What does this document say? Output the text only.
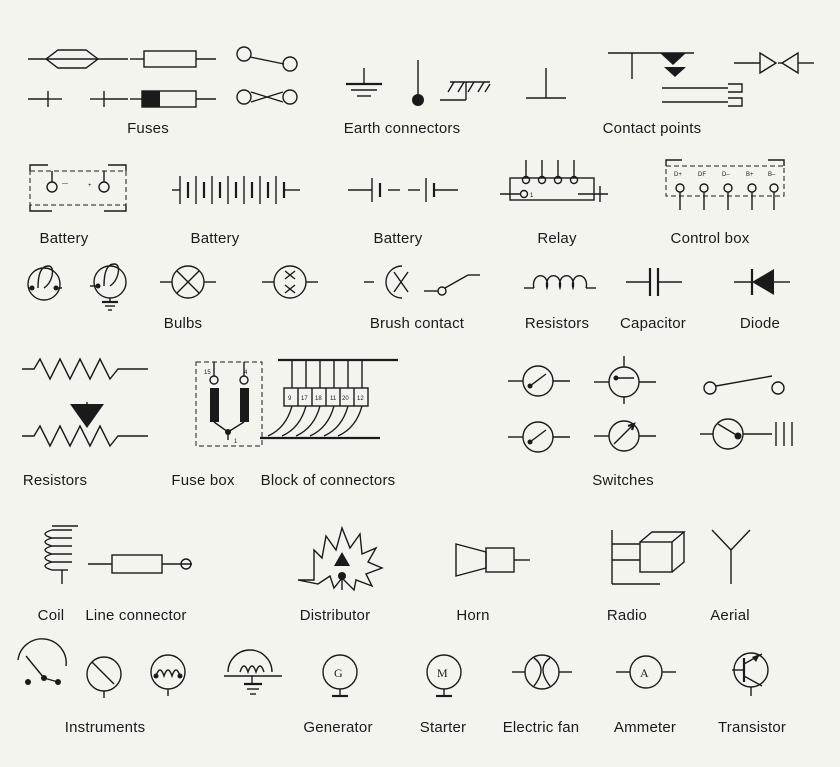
—	+
1
D+	DF	D–	B+ B–
15	4
1
9 17 18 11 20 12
G	M	A
Fuses	Earth connectors	Contact points
Battery	Battery	Battery	Relay	Control box
Bulbs	Brush contact	Resistors	Capacitor	Diode
Resistors	Fuse box	Block of connectors	Switches
Coil	Line connector	Distributor	Horn	Radio	Aerial
Instruments	Generator	Starter	Electric fan	Ammeter	Transistor
